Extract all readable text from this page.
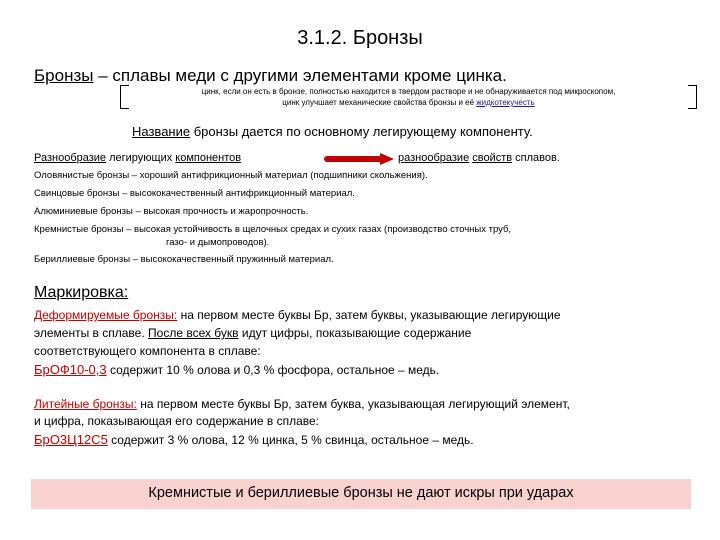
3.1.2. Бронзы
Бронзы – сплавы меди с другими элементами кроме цинка.
цинк, если он есть в бронзе, полностью находится в твердом растворе и не обнаруживается под микроскопом,
цинк улучшает механические свойства бронзы и её жидкотекучесть
Название бронзы дается по основному легирующему компоненту.
Разнообразие легирующих компонентов	разнообразие свойств сплавов.
Оловянистые бронзы – хороший антифрикционный материал (подшипники скольжения).
Свинцовые бронзы – высококачественный антифрикционный материал.
Алюминиевые бронзы – высокая прочность и жаропрочность.
Кремнистые бронзы – высокая устойчивость в щелочных средах и сухих газах (производство сточных труб,
газо- и дымопроводов).
Бериллиевые бронзы – высококачественный пружинный материал.
Маркировка:
Деформируемые бронзы: на первом месте буквы Бр, затем буквы, указывающие легирующие
элементы в сплаве. После всех букв идут цифры, показывающие содержание
соответствующего компонента в сплаве:
БрОФ10-0,3 содержит 10 % олова и 0,3 % фосфора, остальное – медь.
Литейные бронзы: на первом месте буквы Бр, затем буква, указывающая легирующий элемент,
и цифра, показывающая его содержание в сплаве:
БрО3Ц12С5 содержит 3 % олова, 12 % цинка, 5 % свинца, остальное – медь.
Кремнистые и бериллиевые бронзы не дают искры при ударах
